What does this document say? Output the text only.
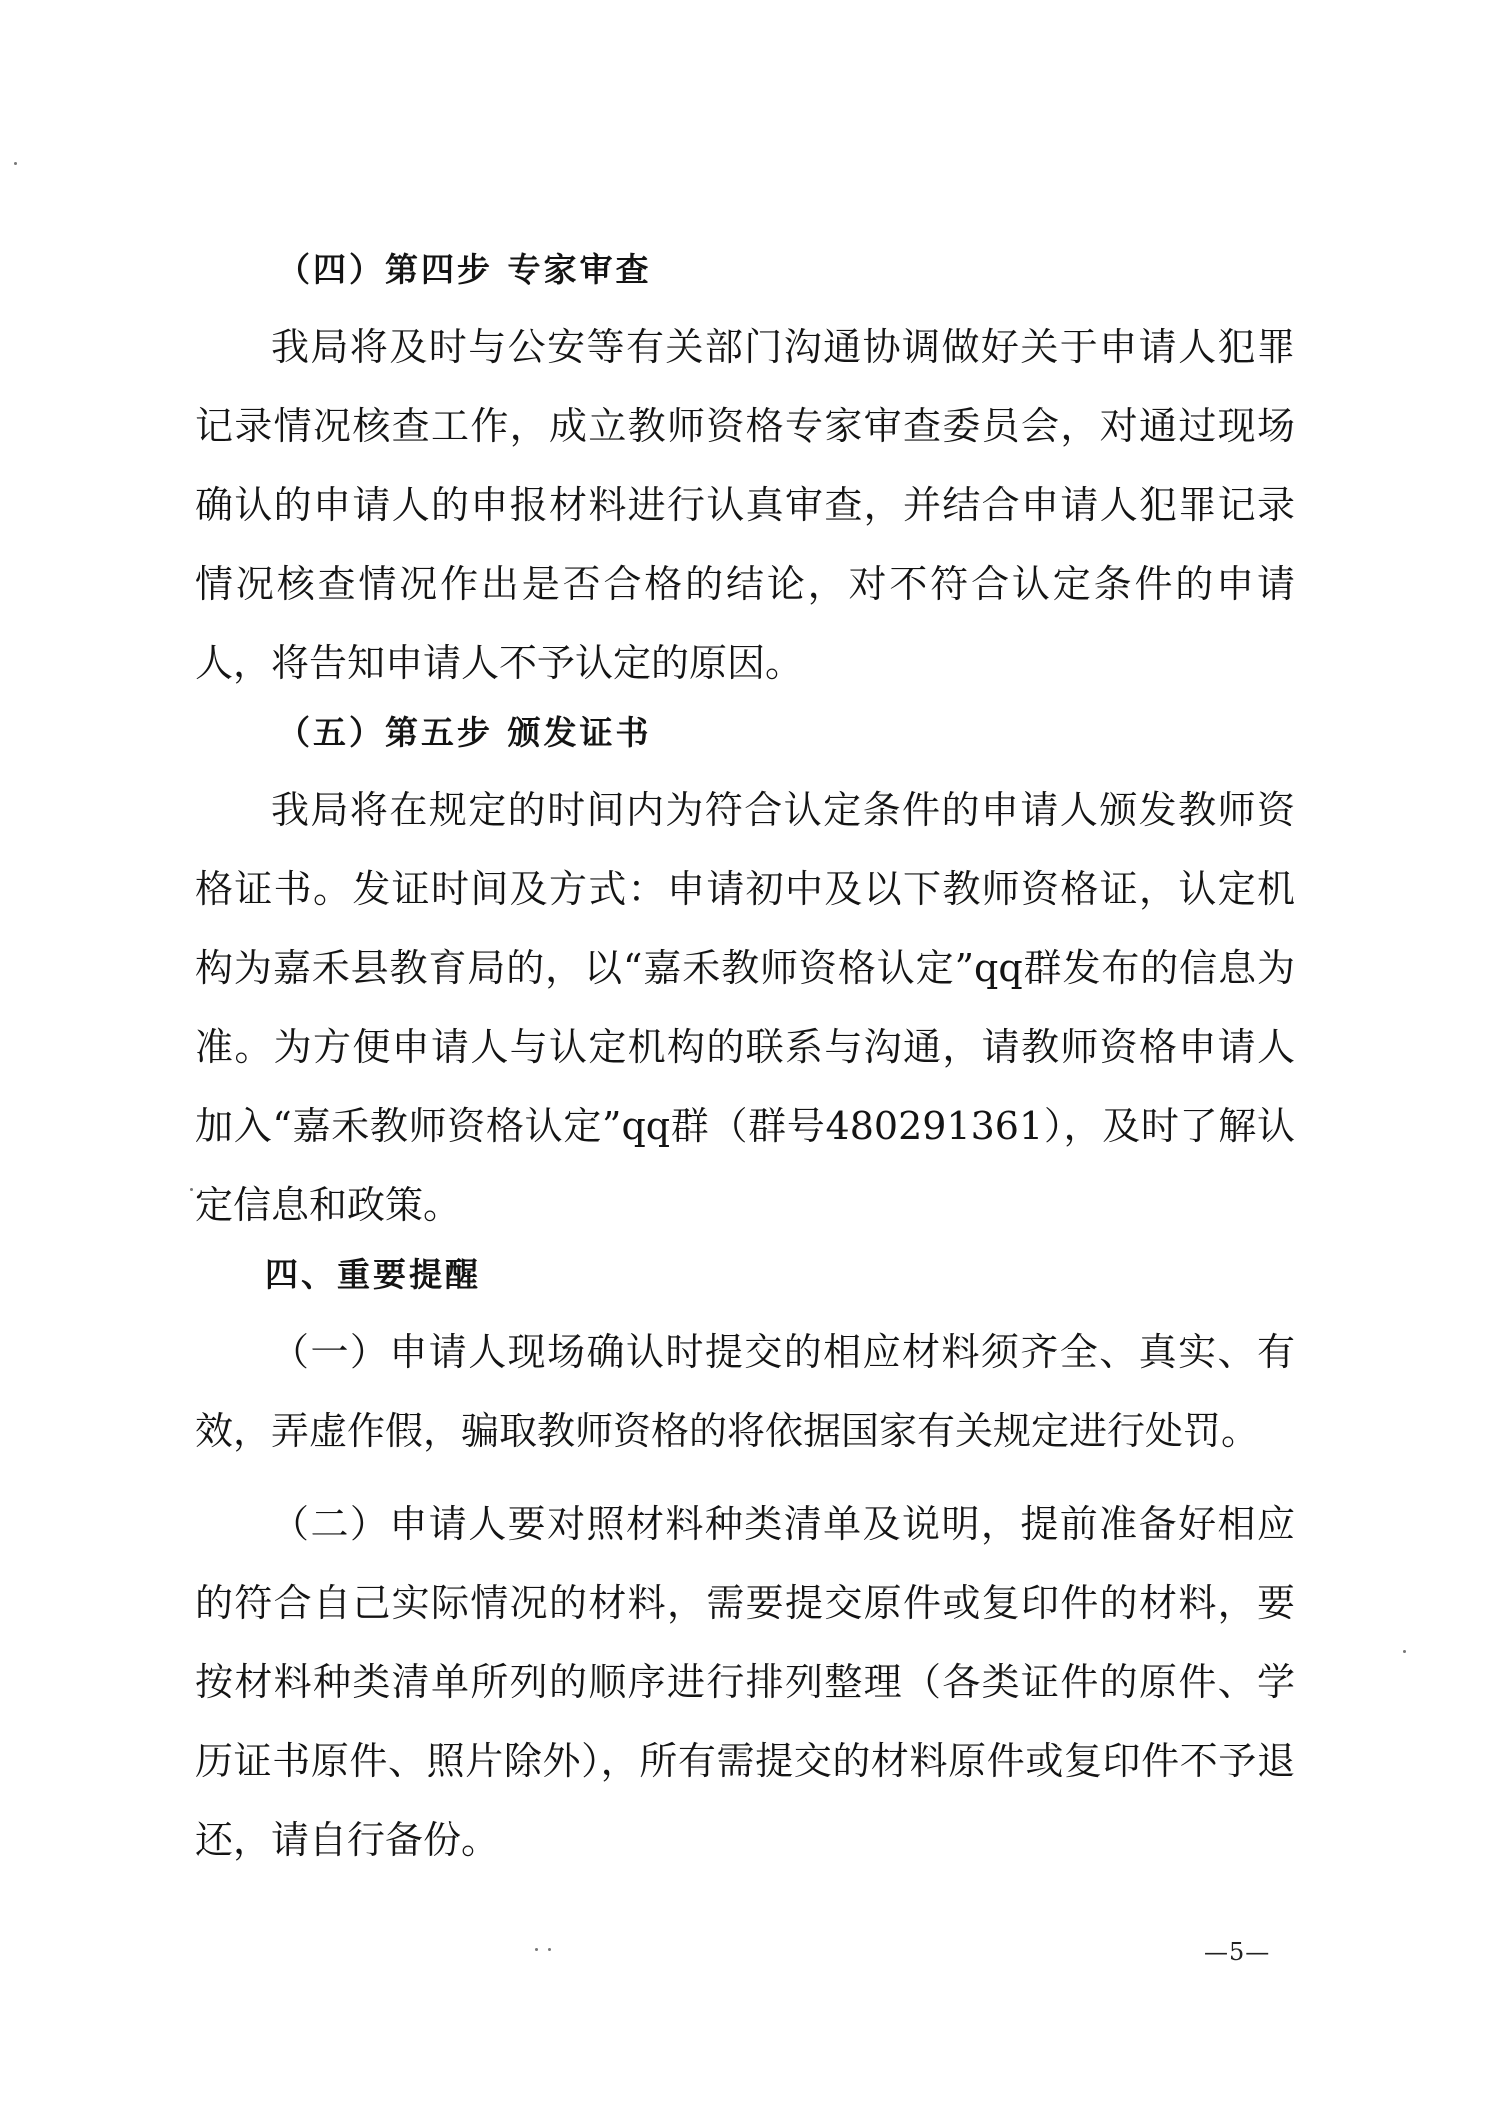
（四）第四步 专家审查

我局将及时与公安等有关部门沟通协调做好关于申请人犯罪记录情况核查工作，成立教师资格专家审查委员会，对通过现场确认的申请人的申报材料进行认真审查，并结合申请人犯罪记录情况核查情况作出是否合格的结论，对不符合认定条件的申请人，将告知申请人不予认定的原因。

（五）第五步 颁发证书

我局将在规定的时间内为符合认定条件的申请人颁发教师资格证书。发证时间及方式：申请初中及以下教师资格证，认定机构为嘉禾县教育局的，以“嘉禾教师资格认定”qq群发布的信息为准。为方便申请人与认定机构的联系与沟通，请教师资格申请人加入“嘉禾教师资格认定”qq群（群号480291361），及时了解认定信息和政策。

四、重要提醒

（一）申请人现场确认时提交的相应材料须齐全、真实、有效，弄虚作假，骗取教师资格的将依据国家有关规定进行处罚。

（二）申请人要对照材料种类清单及说明，提前准备好相应的符合自己实际情况的材料，需要提交原件或复印件的材料，要按材料种类清单所列的顺序进行排列整理（各类证件的原件、学历证书原件、照片除外），所有需提交的材料原件或复印件不予退还，请自行备份。

—5—
